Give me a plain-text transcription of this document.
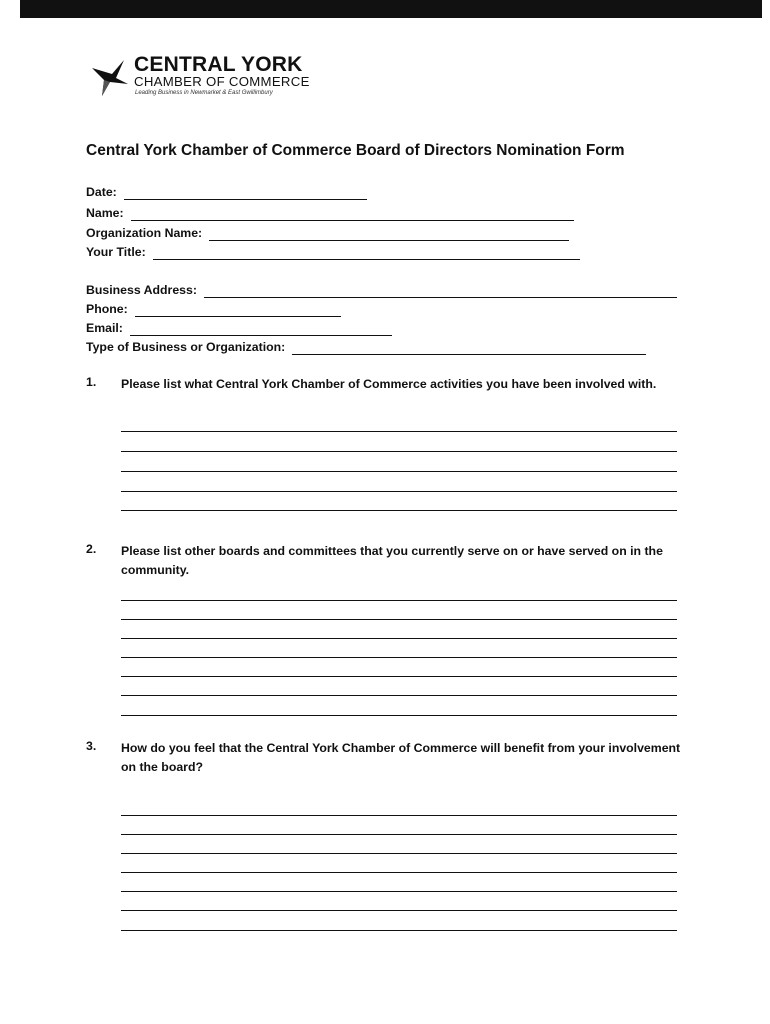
CENTRAL YORK
CHAMBER OF COMMERCE
Leading Business in Newmarket & East Gwillimbury
Central York Chamber of Commerce Board of Directors Nomination Form
Date:
Name:
Organization Name:
Your Title:
Business Address:
Phone:
Email:
Type of Business or Organization:
1. Please list what Central York Chamber of Commerce activities you have been involved with.
2. Please list other boards and committees that you currently serve on or have served on in the community.
3. How do you feel that the Central York Chamber of Commerce will benefit from your involvement on the board?
